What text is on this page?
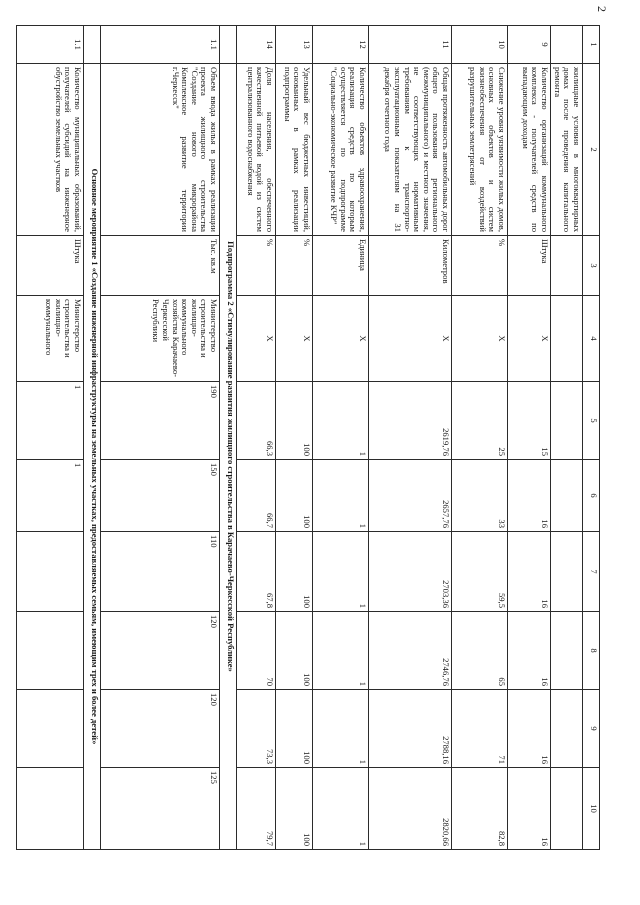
2
1	2	3	4	5	6	7	8	9	10
	жилищные условия в многоквартирных домах после проведения капитального ремонта								
9	Количество организаций коммунального комплекса - получателей средств по выпадающим доходам	Штука	X	15	16	16	16	16	16
10	Снижение уровня уязвимости жилых домов, основных объектов и систем жизнеобеспечения от воздействий разрушительных землетрясений	%	X	25	33	59,5	65	71	82,8
11	Общая протяженность автомобильных дорог общего пользования регионального (межмуниципального) и местного значения, не соответствующих нормативным требованиям к транспортно-эксплуатационным показателям на 31 декабря отчетного года	Километров	X	2619,76	2657,76	2703,36	2746,76	2788,16	2820,66
12	Количество объектов здравоохранения, реализация средств по которым осуществляется по подпрограмме "Социально-экономическое развитие КЧР"	Единица	X	1	1	1	1	1	1
13	Удельный вес бюджетных инвестиций, основанных в рамках реализации подпрограммы	%	X	100	100	100	100	100	100
14	Доля населения, обеспеченного качественной питьевой водой из систем централизованного водоснабжения	%	X	66,3	66,7	67,8	70	73,3	79,7
	Подпрограмма 2 «Стимулирование развития жилищного строительства в Карачаево-Черкесской Республике»								
1.1	Объем ввода жилья в рамках реализации проекта жилищного строительства "Создание нового микрорайона Комплексное развитие территории г.Черкесск"	Тыс. кв.м	Министерство строительства и жилищно-коммунального хозяйства Карачаево-Черкесской Республики	190	150	110	120	120	125
	Основное мероприятие 1 «Создание инженерной инфраструктуры на земельных участках, предоставляемых семьям, имеющим трех и более детей»								
1.1	Количество муниципальных образований, получателей субсидий на инженерное обустройство земельных участков	Штука	Министерство строительства и жилищно-коммунального	1	1				
